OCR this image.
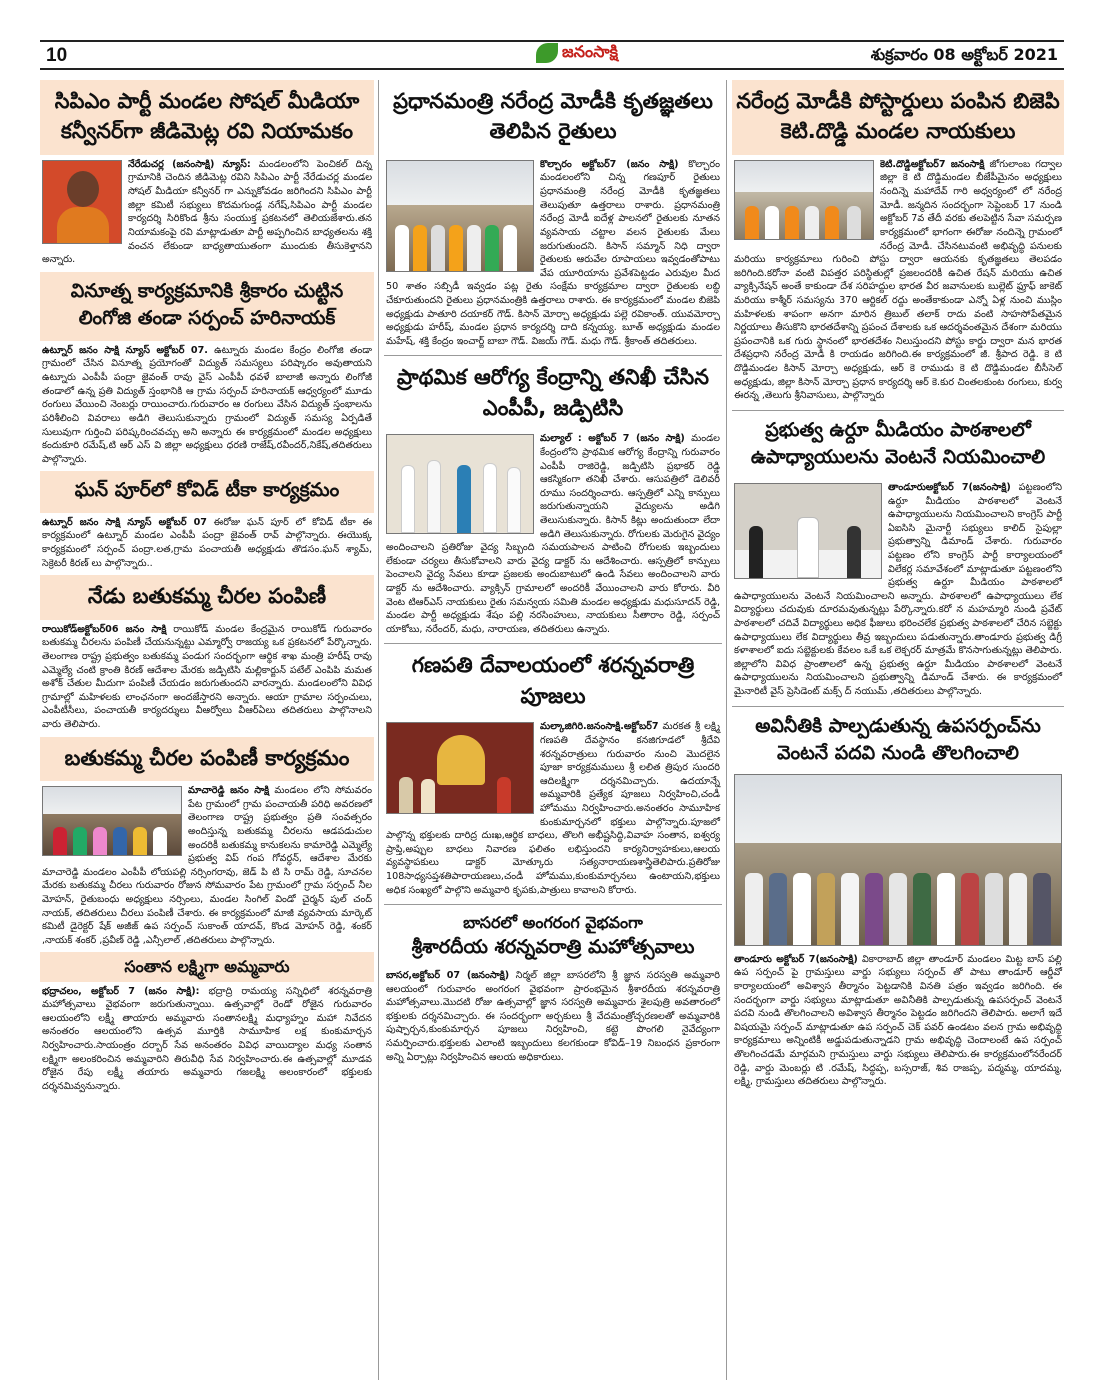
10	జనంసాక్షి	శుక్రవారం 08 అక్టోబర్ 2021
సిపిఎం పార్టీ మండల సోషల్ మీడియా కన్వీనర్‌గా జీడిమెట్ల రవి నియామకం
నేరేడుచర్ల (జనంసాక్షి) న్యూస్: మండలంలోని పెంచికల్ దిన్న గ్రామానికి చెందిన జీడిమెట్ల రవిని సిపిఎం పార్టీ నేరేడుచర్ల మండల సోషల్ మీడియా కన్వీనర్ గా ఎన్నుకోవడం జరిగిందని సిపిఎం పార్టీ జిల్లా కమిటీ సభ్యులు కొదమగుండ్ల నగేష్,సిపిఎం పార్టీ మండల కార్యదర్శి సిరికొండ శ్రీను సంయుక్త ప్రకటనలో తెలియజేశారు.తన నియామకంపై రవి మాట్లాడుతూ పార్టీ అప్పగించిన బాధ్యతలను శక్తి వంచన లేకుండా బాధ్యతాయుతంగా ముందుకు తీసుకెళ్తానని అన్నారు.
వినూత్న కార్యక్రమానికి శ్రీకారం చుట్టిన లింగోజి తండా సర్పంచ్ హరినాయక్
ఉట్నూర్ జనం సాక్షి న్యూస్ అక్టోబర్ 07. ఉట్నూరు మండల కేంద్రం లింగోజి తండా గ్రామంలో చేసిన వినూత్న ప్రయోగంతో విద్యుత్ సమస్యలు పరిష్కారం అవుతాయని ఉట్నూరు ఎంపీపీ పంద్రా జైవంత్ రావు వైస్ ఎంపీపీ ధవళే బాలాజీ అన్నారు లింగోజీ తండాలో ఉన్న ప్రతి విద్యుత్ స్తంభానికి ఆ గ్రామ సర్పంచ్ హరినాయక్ ఆధ్వర్యంలో మూడు రంగులు వేయించి నెంబర్లు రాయించారు.గురువారం ఆ రంగులు వేసిన విద్యుత్ స్తంభాలను పరిశీలించి వివరాలు అడిగి తెలుసుకున్నారు గ్రామంలో విద్యుత్ సమస్య ఏర్పడితే సులువుగా గుర్తించి పరిష్కరించవచ్చు అని అన్నారు ఈ కార్యక్రమంలో మండల అధ్యక్షులు కందుకూరి రమేష్,టి ఆర్ ఎస్ వి జిల్లా అధ్యక్షులు ధరణి రాజేష్,రవీందర్,నికేష్,తదితరులు పాల్గొన్నారు.
ఘన్ పూర్‌లో కోవిడ్ టీకా కార్యక్రమం
ఉట్నూర్ జనం సాక్షి న్యూస్ అక్టోబర్ 07 ఈరోజు ఘన్ పూర్ లో కోవిడ్ టీకా ఈ కార్యక్రమంలో ఉట్నూర్ మండల ఎంపీపీ పంద్రా జైవంత్ రావ్ పాల్గొన్నారు. ఈయొక్క కార్యక్రమంలో సర్పంచ్ పంద్రా.లత,గ్రామ పంచాయతీ అధ్యక్షుడు తొడసం.ఘన్ శ్యామ్, సెక్రెటరీ కిరణ్ లు పాల్గొన్నారు..
నేడు బతుకమ్మ చీరల పంపిణీ
రాయికోడ్అక్టోబర్06 జనం సాక్షి రాయికోడ్ మండల కేంద్రమైన రాయికోడ్ గురువారం బతుకమ్మ చీరలను పంపిణీ చేయనున్నట్టు ఎమ్మార్వో రాజయ్య ఒక ప్రకటనలో పేర్కొన్నారు. తెలంగాణ రాష్ట్ర ప్రభుత్వం బతుకమ్మ పండుగ సందర్భంగా ఆర్థిక శాఖ మంత్రి హరీష్ రావు ఎమ్మెల్యే చంటి క్రాంతి కిరణ్ ఆదేశాల మేరకు జడ్పిటిసి మల్లికార్జున్ పటేల్ ఎంపిపి మమత అశోక్ చేతుల మీదుగా పంపిణీ చేయడం జరుగుతుందని వారన్నారు. మండలంలోని వివిధ గ్రామాల్లో మహిళలకు లాంఛనంగా అందజేస్తారని అన్నారు. ఆయా గ్రామాల సర్పంచులు, ఎంపీటీసీలు, పంచాయతీ కార్యదర్శులు వీఆర్వోలు వీఆర్ఏలు తదితరులు పాల్గొనాలని వారు తెలిపారు.
బతుకమ్మ చీరల పంపిణీ కార్యక్రమం
మాచారెడ్డి జనం సాక్షి మండలం లోని సోమవరం పేట గ్రామంలో గ్రామ పంచాయతీ పరిధి అవరణలో తెలంగాణ రాష్ట్ర ప్రభుత్వం ప్రతి సంవత్సరం అందిస్తున్న బతుకమ్మ చీరలను ఆడపడుచుల అందరికీ బతుకమ్మ కానుకలను కామారెడ్డి ఎమ్మెల్యే ప్రభుత్వ విప్ గంప గోవర్ధన్, ఆదేశాల మేరకు మాచారెడ్డి మండలం ఎంపీపీ లోయపల్లి నర్సింగరావు, జెడ్ పి టి సి రామ్ రెడ్డి, సూచనల మేరకు బతుకమ్మ చీరలు గురువారం రోజున సోమవారం పేట గ్రామంలో గ్రామ సర్పంచ్ నీల మోహన్, రైతుబంధు అధ్యక్షులు నర్సింలు, మండల సింగిల్ విండో చైర్మన్ పుల్ చంద్ నాయక్, తదితరులు చీరలు పంపిణీ చేశారు. ఈ కార్యక్రమంలో మాజీ వ్యవసాయ మార్కెట్ కమిటీ డైరెక్టర్ షేక్ అజీజ్ ఉప సర్పంచ్ సుకాంత్ యాదవ్, కొండ మోహన్ రెడ్డి, శంకర్ ,నాయక్ శంకర్ ,ప్రవీణ్ రెడ్డి ,ఎన్సీలాల్ ,తదితరులు పాల్గొన్నారు.
సంతాన లక్ష్మిగా అమ్మవారు
భద్రాచలం, అక్టోబర్ 7 (జనం సాక్షి): భద్రాద్రి రామయ్య సన్నిధిలో శరన్నవరాత్రి మహోత్సవాలు వైభవంగా జరుగుతున్నాయి. ఉత్సవాల్లో రెండో రోజైన గురువారం ఆలయంలోని లక్ష్మీ తాయారు అమ్మవారు సంతానలక్ష్మి మధ్యాహ్నం మహా నివేదన అనంతరం ఆలయంలోని ఉత్సవ మూర్తికి సామూహిక లక్ష కుంకుమార్చన నిర్వహించారు.సాయంత్రం దర్బార్ సేవ అనంతరం వివిధ వాయిద్యాల మధ్య సంతాన లక్ష్మిగా అలంకరించిన అమ్మవారిని తిరువీధి సేవ నిర్వహించారు.ఈ ఉత్సవాల్లో మూడవ రోజైన రేపు లక్ష్మీ తయారు అమ్మవారు గజలక్ష్మి అలంకారంలో భక్తులకు దర్శనమివ్వనున్నారు.
ప్రధానమంత్రి నరేంద్ర మోడీకి కృతజ్ఞతలు తెలిపిన రైతులు
కొల్చారం అక్టోబర్7 (జనం సాక్షి) కొల్చారం మండలంలోని చిన్న గణపూర్ రైతులు ప్రధానమంత్రి నరేంద్ర మోడీకి కృతజ్ఞతలు తెలుపుతూ ఉత్తరాలు రాశారు. ప్రధానమంత్రి నరేంద్ర మోడీ ఐదేళ్ల పాలనలో రైతులకు నూతన వ్యవసాయ చట్టాల వలన రైతులకు మేలు జరుగుతుందని. కిసాన్ సమ్మాన్ నిధి ద్వారా రైతులకు ఆరువేల రూపాయలు ఇవ్వడంతోపాటు వేప యూరియాను ప్రవేశపెట్టడం ఎరువుల మీద 50 శాతం సబ్సిడీ ఇవ్వడం పట్ల రైతు సంక్షేమ కార్యక్రమాల ద్వారా రైతులకు లబ్ధి చేకూరుతుందని రైతులు ప్రధానమంత్రికి ఉత్తరాలు రాశారు. ఈ కార్యక్రమంలో మండల బిజెపి అధ్యక్షుడు పాతూరి దయాకర్ గౌడ్. కిసాన్ మోర్చా అధ్యక్షుడు పల్లె రవికాంత్. యువమోర్చా అధ్యక్షుడు హరీష్, మండల ప్రధాన కార్యదర్శి దాది కన్నయ్య. బూత్ అధ్యక్షుడు మండల మహేష్, శక్తి కేంద్రం ఇంచార్జ్ బాబా గౌడ్. విజయ్ గౌడ్. మధు గౌడ్. శ్రీకాంత్ తదితరులు.
ప్రాథమిక ఆరోగ్య కేంద్రాన్ని తనిఖీ చేసిన ఎంపీపీ, జడ్పిటిసి
మల్యాల్ : అక్టోబర్ 7 (జనం సాక్షి) మండల కేంద్రంలోని ప్రాథమిక ఆరోగ్య కేంద్రాన్ని గురువారం ఎంపీపీ రాజిరెడ్డి, జడ్పిటిసి ప్రభాకర్ రెడ్డి ఆకస్మికంగా తనిఖీ చేశారు. ఆసుపత్రిలో డెలివరీ రూము సందర్శించారు. ఆస్పత్రిలో ఎన్ని కాన్పులు జరుగుతున్నాయని వైద్యులను అడిగి తెలుసుకున్నారు. కిసాన్ కిట్లు అందుతుందా లేదా అడిగి తెలుసుకున్నారు. రోగులకు మెరుగైన వైద్యం అందించాలని ప్రతిరోజు వైద్య సిబ్బంది సమయపాలన పాటించి రోగులకు ఇబ్బందులు లేకుండా చర్యలు తీసుకోవాలని వారు వైద్య డాక్టర్ ను ఆదేశించారు. ఆస్పత్రిలో కాన్పులు పెంచాలని వైద్య సేవలు కూడా ప్రజలకు అందుబాటులో ఉండి సేవలు అందించాలని వారు డాక్టర్ ను ఆదేశించారు. వ్యాక్సిన్ గ్రామాలలో అందరికీ వేయించాలని వారు కోరారు. వీరి వెంట టిఆర్ఎస్ నాయకులు రైతు సమన్వయ సమితి మండల అధ్యక్షుడు మధుసూదన్ రెడ్డి, మండల పార్టీ అధ్యక్షుడు శేషం పల్లి నరసింహులు, నాయకులు సీతారాం రెడ్డి, సర్పంచ్ యాకోబు, నరేందర్, మధు, నారాయణ, తదితరులు ఉన్నారు.
గణపతి దేవాలయంలో శరన్నవరాత్రి పూజలు
మల్కాజిగిరి.జనంసాక్షి.అక్టోబర్7 మరకత శ్రీ లక్ష్మి గణపతి దేవస్థానం కనజిగూడలో శ్రీదేవి శరన్నవరాత్రులు గురువారం నుంచి మొదలైన పూజా కార్యక్రమములు శ్రీ లలిత త్రిపుర సుందరి ఆదిలక్ష్మిగా దర్శనమిచ్చారు. ఉదయాన్నే అమ్మవారికి ప్రత్యేక పూజలు నిర్వహించి,చండీ హోమము నిర్వహించారు.అనంతరం సామూహిక కుంకుమార్చనలో భక్తులు పాల్గొన్నారు.పూజలో పాల్గొన్న భక్తులకు దారిద్ర దుఃఖ,ఆర్థిక బాధలు, తొలగి అభీష్టసిద్ధి,వివాహ సంతాన, ఐశ్వర్య ప్రాప్తి,అప్పుల బాధలు నివారణ ఫలితం లభిస్తుందని కార్యనిర్వాహకులు,ఆలయ వ్యవస్థాపకులు డాక్టర్ మోత్కూరు సత్యనారాయణశాస్త్రితెలిపారు.ప్రతిరోజు 108సాధ్యసప్తశతిపారాయణలు,చండీ హోమము,కుంకుమార్చనలు ఉంటాయని,భక్తులు అధిక సంఖ్యలో పాల్గొని అమ్మవారి కృపకు,పాత్రులు కావాలని కోరారు.
బాసరలో అంగరంగ వైభవంగా
శ్రీశారదీయ శరన్నవరాత్రి మహోత్సవాలు
బాసర,అక్టోబర్ 07 (జనంసాక్షి) నిర్మల్ జిల్లా బాసరలోని శ్రీ జ్ఞాన సరస్వతి అమ్మవారి ఆలయంలో గురువారం అంగరంగ వైభవంగా ప్రారంభమైన శ్రీశారదీయ శరన్నవరాత్రి మహోత్సవాలు.మొదటి రోజు ఉత్సవాల్లో జ్ఞాన సరస్వతి అమ్మవారు శైలపుత్రి అవతారంలో భక్తులకు దర్శనమిచ్చారు. ఈ సందర్భంగా అర్చకులు శ్రీ వేదమంత్రోచ్చరణలతో అమ్మవారికి పుష్పార్చన,కుంకుమార్చన పూజలు నిర్వహించి, కట్టె పొంగలి నైవేద్యంగా సమర్పించారు.భక్తులకు ఎలాంటి ఇబ్బందులు కలగకుండా కోవిడ్–19 నిబంధన ప్రకారంగా అన్ని ఏర్పాట్లు నిర్వహించిన ఆలయ అధికారులు.
నరేంద్ర మోడీకి పోస్టార్డులు పంపిన బిజెపి కెటి.దొడ్డి మండల నాయకులు
కెటి.దొడ్డిఅక్టోబర్7 జనంసాక్షి జోగులాంబ గద్వాల జిల్లా కె టి దొడ్డిమండల బీజేపీమైనం అధ్యక్షులు నందిన్నె మహాదేవ్ గారి అధ్వర్యంలో లో నరేంద్ర మోడీ. జన్మదిన సందర్భంగా సెప్టెంబర్ 17 నుండి అక్టోబర్ 7వ తేదీ వరకు తలపెట్టిన సేవా సమర్పణ కార్యక్రమంలో భాగంగా ఈరోజు నందిన్నె గ్రామంలో నరేంద్ర మోడీ. చేసినటువంటి అభివృద్ధి పనులకు మరియు కార్యక్రమాలు గురించి పోస్టు ద్వారా ఆయనకు కృతజ్ఞతలు తెలపడం జరిగింది.కరోనా వంటి విపత్తర పరిస్థితుల్లో ప్రజలందరికీ ఉచిత రేషన్ మరియు ఉచిత వ్యాక్సినేషన్ అంతే కాకుండా దేశ సరిహద్దుల భారత వీర జవానులకు బుల్లెట్ ఫ్రూఫ్ జాకెట్ మరియు కాశ్మీర్ సమస్యను 370 ఆర్టికల్ రద్దు అంతేకాకుండా ఎన్నో ఏళ్ల నుంచి ముస్లిం మహిళలకు శాపంగా అనగా మారిన త్రిబుల్ తలాక్ రాదు వంటి సాహసోపేతమైన నిర్ణయాలు తీసుకొని భారతదేశాన్ని ప్రపంచ దేశాలకు ఒక ఆదర్శవంతమైన దేశంగా మరియు ప్రపంచానికి ఒక గురు స్థానంలో భారతదేశం నిలుస్తుందని పోస్టు కార్డు ద్వారా మన భారత దేశప్రధాని నరేంద్ర మోడీ కి రాయడం జరిగింది.ఈ కార్యక్రమంలో జీ. శ్రీపాద రెడ్డి. కె టి దొడ్డిమండల కిసాన్ మోర్చా అధ్యక్షుడు, ఆర్ కె రాముడు కె టి దొడ్డిమండల బీసీసెల్ అధ్యక్షుడు, జిల్లా కిసాన్ మోర్చా ప్రధాన కార్యదర్శి ఆర్ కె.కుర చింతలకుంట రంగులు, కుర్వ ఈరన్న ,తెలుగు శ్రీనివాసులు, పాల్గొన్నారు
ప్రభుత్వ ఉర్దూ మీడియం పాఠశాలలో ఉపాధ్యాయులను వెంటనే నియమించాలి
తాండూరుఅక్టోబర్ 7(జనంసాక్షి) పట్టణంలోని ఉర్దూ మీడియం పాఠశాలలో వెంటనే ఉపాధ్యాయులను నియమించాలని కాంగ్రెస్ పార్టీ ఏఐసిసి మైనార్టీ సభ్యులు కాలిద్ సైపుల్లా ప్రభుత్వాన్ని డిమాండ్ చేశారు. గురువారం పట్టణం లోని కాంగ్రెస్ పార్టీ కార్యాలయంలో విలేకర్ల సమావేశంలో మాట్లాడుతూ పట్టణంలోని ప్రభుత్వ ఉర్దూ మీడియం పాఠశాలలో ఉపాధ్యాయులను వెంటనే నియమించాలని అన్నారు. పాఠశాలలో ఉపాధ్యాయులు లేక విద్యార్థులు చదువుకు దూరమవుతున్నట్లు పేర్కొన్నారు.కరో న మహమ్మారి నుండి ప్రవేట్ పాఠశాలలో చదివే విద్యార్థులు అధిక ఫీజులు భరించలేక ప్రభుత్వ పాఠశాలలో చేరిన సబ్జెక్టు ఉపాధ్యాయులు లేక విద్యార్థులు తీవ్ర ఇబ్బందులు పడుతున్నారు.తాండూరు ప్రభుత్వ డిగ్రీ కళాశాలలో ఐదు సబ్జెక్టులకు కేవలం ఒకే ఒక లెక్చరర్ మాత్రమే కొనసాగుతున్నట్లు తెలిపారు. జిల్లాలోని వివిధ ప్రాంతాలలో ఉన్న ప్రభుత్వ ఉర్దూ మీడియం పాఠశాలలో వెంటనే ఉపాధ్యాయులను నియమించాలని ప్రభుత్వాన్ని డిమాండ్ చేశారు. ఈ కార్యక్రమంలో మైనారిటీ వైస్ ప్రెసిడెంట్ మక్స్ ద్ నయుమ్ ,తదితరులు పాల్గొన్నారు.
అవినీతికి పాల్పడుతున్న ఉపసర్పంచ్‌ను వెంటనే పదవి నుండి తొలగించాలి
తాండూరు అక్టోబర్ 7(జనంసాక్షి) వికారాబాద్ జిల్లా తాండూర్ మండలం మిట్ట బాస్ పల్లి ఉప సర్పంచ్ పై గ్రామస్తులు వార్డు సభ్యులు సర్పంచ్ తో పాటు తాండూర్ ఆర్డీవో కార్యాలయంలో అవిశ్వాస తీర్మానం పెట్టడానికి వినతి పత్రం ఇవ్వడం జరిగింది. ఈ సందర్భంగా వార్డు సభ్యులు మాట్లాడుతూ అవినీతికి పాల్పడుతున్న ఉపసర్పంచ్ వెంటనే పదవి నుండి తొలగించాలని అవిశ్వాస తీర్మానం పెట్టడం జరిగిందని తెలిపారు. అలాగే ఇదే విషయమై సర్పంచ్ మాట్లాడుతూ ఉప సర్పంచ్ చెక్ పవర్ ఉండటం వలన గ్రామ అభివృద్ధి కార్యక్రమాలు అన్నింటికీ అడ్డుపడుతున్నాడని గ్రామ అభివృద్ధి చెందాలంటే ఉప సర్పంచ్ తొలగించడమే మార్గమని గ్రామస్తులు వార్డు సభ్యులు తెలిపారు.ఈ కార్యక్రమంలోనరేందర్ రెడ్డి, వార్డు మెంబర్లు టి .రమేష్, సిద్ధప్ప, బస్సరాజ్, శివ రాజప్ప, పద్మమ్మ, యాదమ్మ, లక్ష్మి, గ్రామస్తులు తదితరులు పాల్గొన్నారు.
